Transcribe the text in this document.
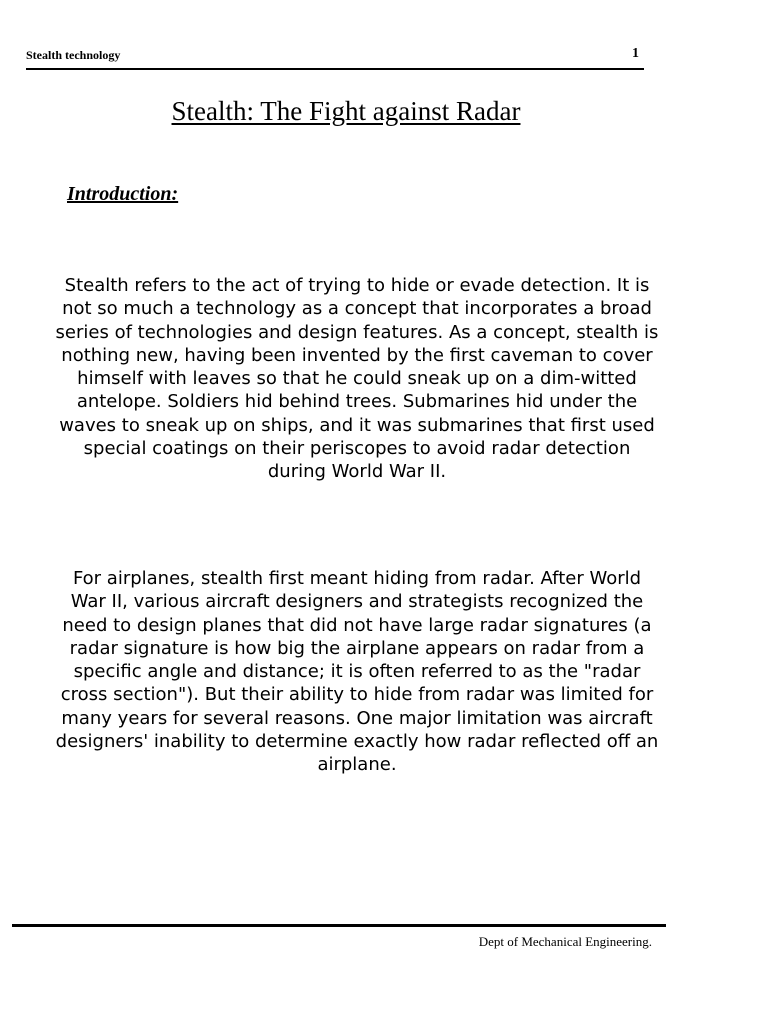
Stealth technology	1
Stealth: The Fight against Radar
Introduction:

Stealth refers to the act of trying to hide or evade detection. It is not so much a technology as a concept that incorporates a broad series of technologies and design features. As a concept, stealth is nothing new, having been invented by the first caveman to cover himself with leaves so that he could sneak up on a dim-witted antelope. Soldiers hid behind trees. Submarines hid under the waves to sneak up on ships, and it was submarines that first used special coatings on their periscopes to avoid radar detection during World War II.

For airplanes, stealth first meant hiding from radar. After World War II, various aircraft designers and strategists recognized the need to design planes that did not have large radar signatures (a radar signature is how big the airplane appears on radar from a specific angle and distance; it is often referred to as the "radar cross section"). But their ability to hide from radar was limited for many years for several reasons. One major limitation was aircraft designers' inability to determine exactly how radar reflected off an airplane.

Dept of Mechanical Engineering.
